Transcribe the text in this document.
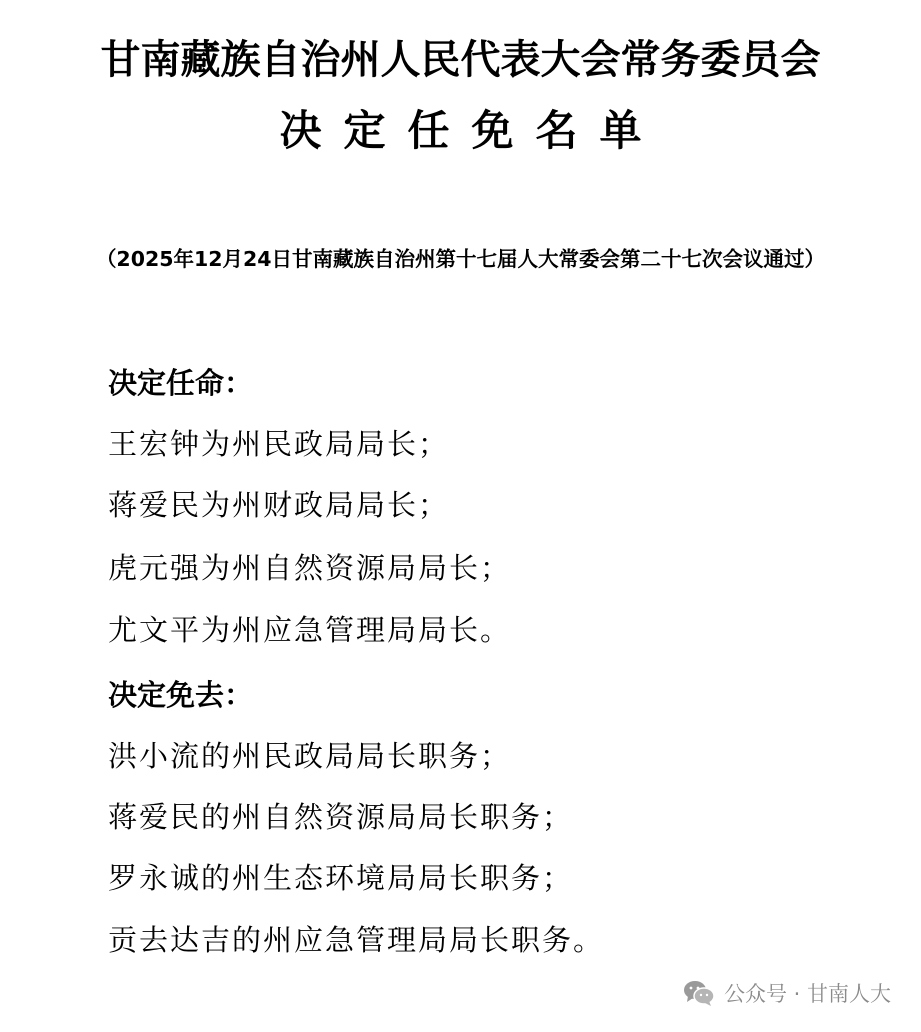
甘南藏族自治州人民代表大会常务委员会
决定任免名单
（2025年12月24日甘南藏族自治州第十七届人大常委会第二十七次会议通过）
决定任命：
王宏钟为州民政局局长；
蒋爱民为州财政局局长；
虎元强为州自然资源局局长；
尤文平为州应急管理局局长。
决定免去：
洪小流的州民政局局长职务；
蒋爱民的州自然资源局局长职务；
罗永诚的州生态环境局局长职务；
贡去达吉的州应急管理局局长职务。
公众号 · 甘南人大
